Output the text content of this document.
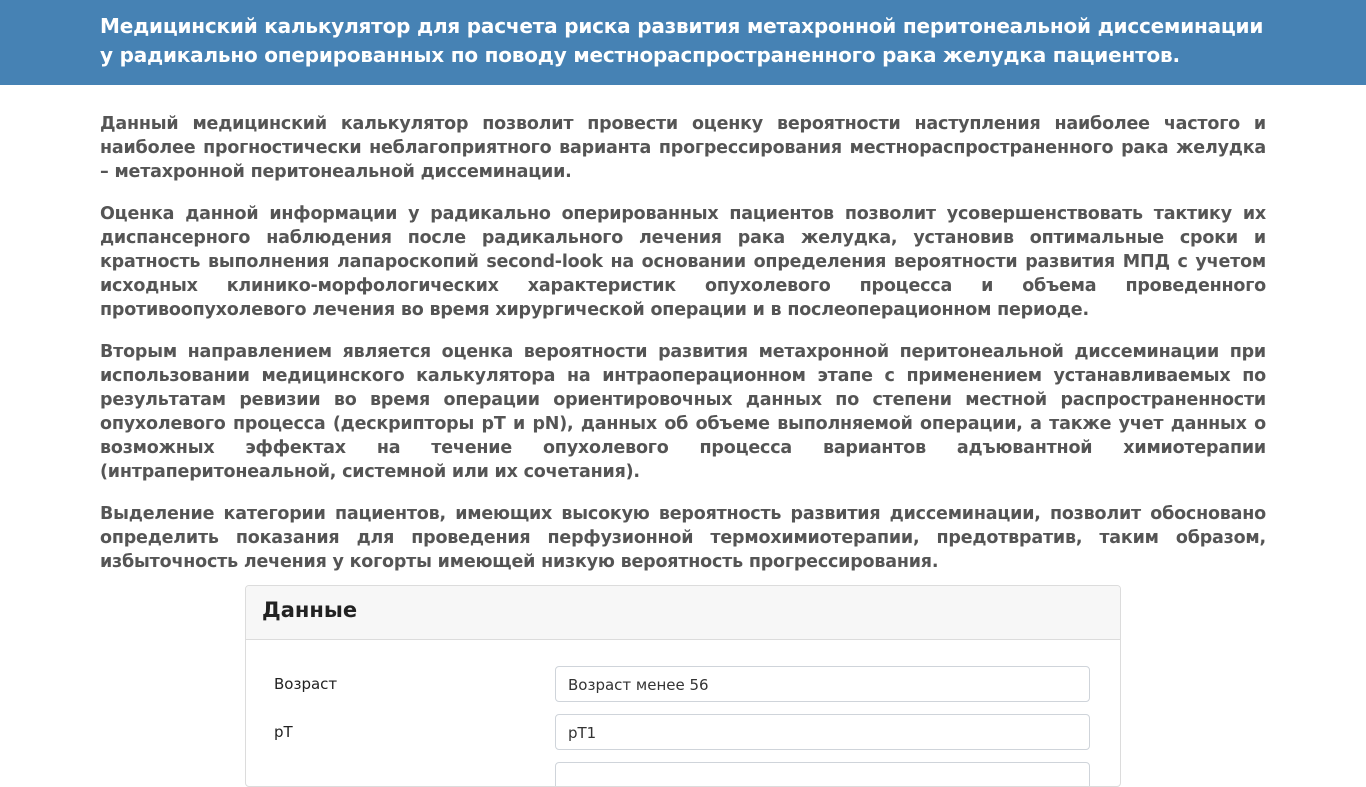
Медицинский калькулятор для расчета риска развития метахронной перитонеальной диссеминации
у радикально оперированных по поводу местнораспространенного рака желудка пациентов.

Данный медицинский калькулятор позволит провести оценку вероятности наступления наиболее частого и наиболее прогностически неблагоприятного варианта прогрессирования местнораспространенного рака желудка – метахронной перитонеальной диссеминации.

Оценка данной информации у радикально оперированных пациентов позволит усовершенствовать тактику их диспансерного наблюдения после радикального лечения рака желудка, установив оптимальные сроки и кратность выполнения лапароскопий second-look на основании определения вероятности развития МПД с учетом исходных клинико-морфологических характеристик опухолевого процесса и объема проведенного противоопухолевого лечения во время хирургической операции и в послеоперационном периоде.

Вторым направлением является оценка вероятности развития метахронной перитонеальной диссеминации при использовании медицинского калькулятора на интраоперационном этапе с применением устанавливаемых по результатам ревизии во время операции ориентировочных данных по степени местной распространенности опухолевого процесса (дескрипторы pT и pN), данных об объеме выполняемой операции, а также учет данных о возможных эффектах на течение опухолевого процесса вариантов адъювантной химиотерапии (интраперитонеальной, системной или их сочетания).

Выделение категории пациентов, имеющих высокую вероятность развития диссеминации, позволит обосновано определить показания для проведения перфузионной термохимиотерапии, предотвратив, таким образом, избыточность лечения у когорты имеющей низкую вероятность прогрессирования.

Данные
Возраст	Возраст менее 56
pT	pT1
